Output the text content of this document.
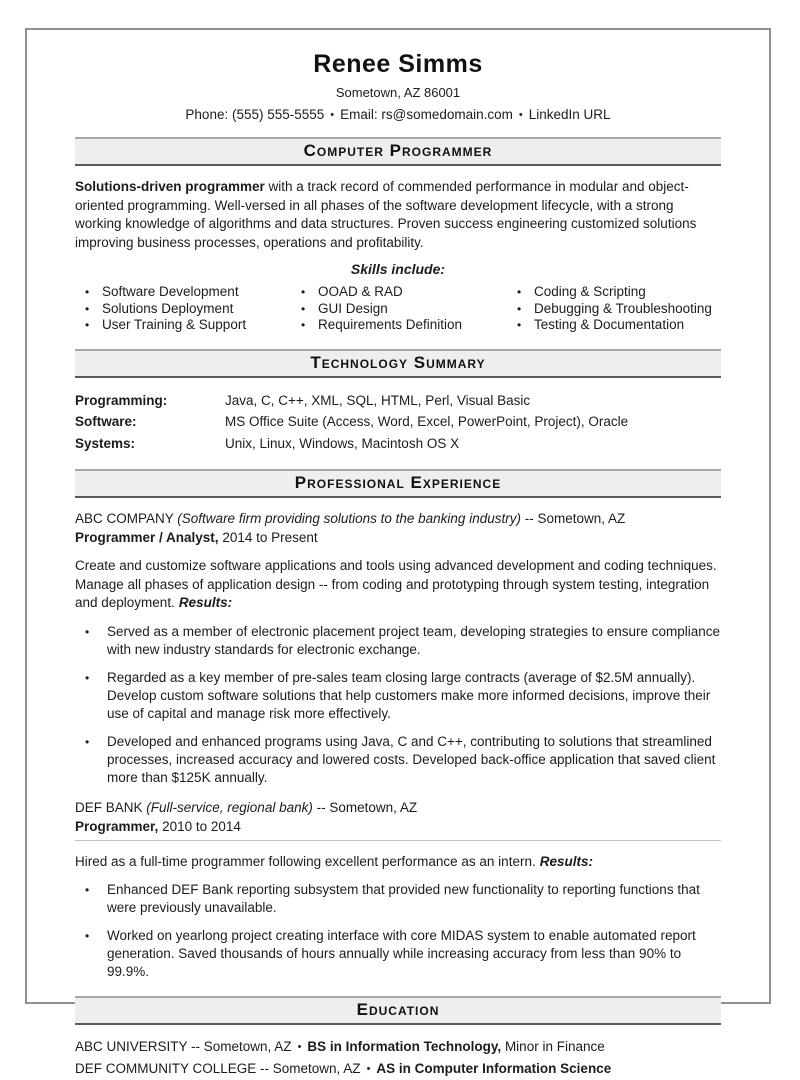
Renee Simms
Sometown, AZ 86001
Phone: (555) 555-5555 • Email: rs@somedomain.com • LinkedIn URL
Computer Programmer

Solutions-driven programmer with a track record of commended performance in modular and object-oriented programming. Well-versed in all phases of the software development lifecycle, with a strong working knowledge of algorithms and data structures. Proven success engineering customized solutions improving business processes, operations and profitability.

Skills include:
• Software Development
• Solutions Deployment
• User Training & Support
• OOAD & RAD
• GUI Design
• Requirements Definition
• Coding & Scripting
• Debugging & Troubleshooting
• Testing & Documentation
Technology Summary
Programming:	Java, C, C++, XML, SQL, HTML, Perl, Visual Basic
Software:	MS Office Suite (Access, Word, Excel, PowerPoint, Project), Oracle
Systems:	Unix, Linux, Windows, Macintosh OS X
Professional Experience
ABC COMPANY (Software firm providing solutions to the banking industry) -- Sometown, AZ
Programmer / Analyst, 2014 to Present

Create and customize software applications and tools using advanced development and coding techniques. Manage all phases of application design -- from coding and prototyping through system testing, integration and deployment. Results:

•	Served as a member of electronic placement project team, developing strategies to ensure compliance with new industry standards for electronic exchange.
•	Regarded as a key member of pre-sales team closing large contracts (average of $2.5M annually). Develop custom software solutions that help customers make more informed decisions, improve their use of capital and manage risk more effectively.
•	Developed and enhanced programs using Java, C and C++, contributing to solutions that streamlined processes, increased accuracy and lowered costs. Developed back-office application that saved client more than $125K annually.
DEF BANK (Full-service, regional bank) -- Sometown, AZ
Programmer, 2010 to 2014

Hired as a full-time programmer following excellent performance as an intern. Results:

•	Enhanced DEF Bank reporting subsystem that provided new functionality to reporting functions that were previously unavailable.
•	Worked on yearlong project creating interface with core MIDAS system to enable automated report generation. Saved thousands of hours annually while increasing accuracy from less than 90% to 99.9%.
Education
ABC UNIVERSITY -- Sometown, AZ • BS in Information Technology, Minor in Finance
DEF COMMUNITY COLLEGE -- Sometown, AZ • AS in Computer Information Science
